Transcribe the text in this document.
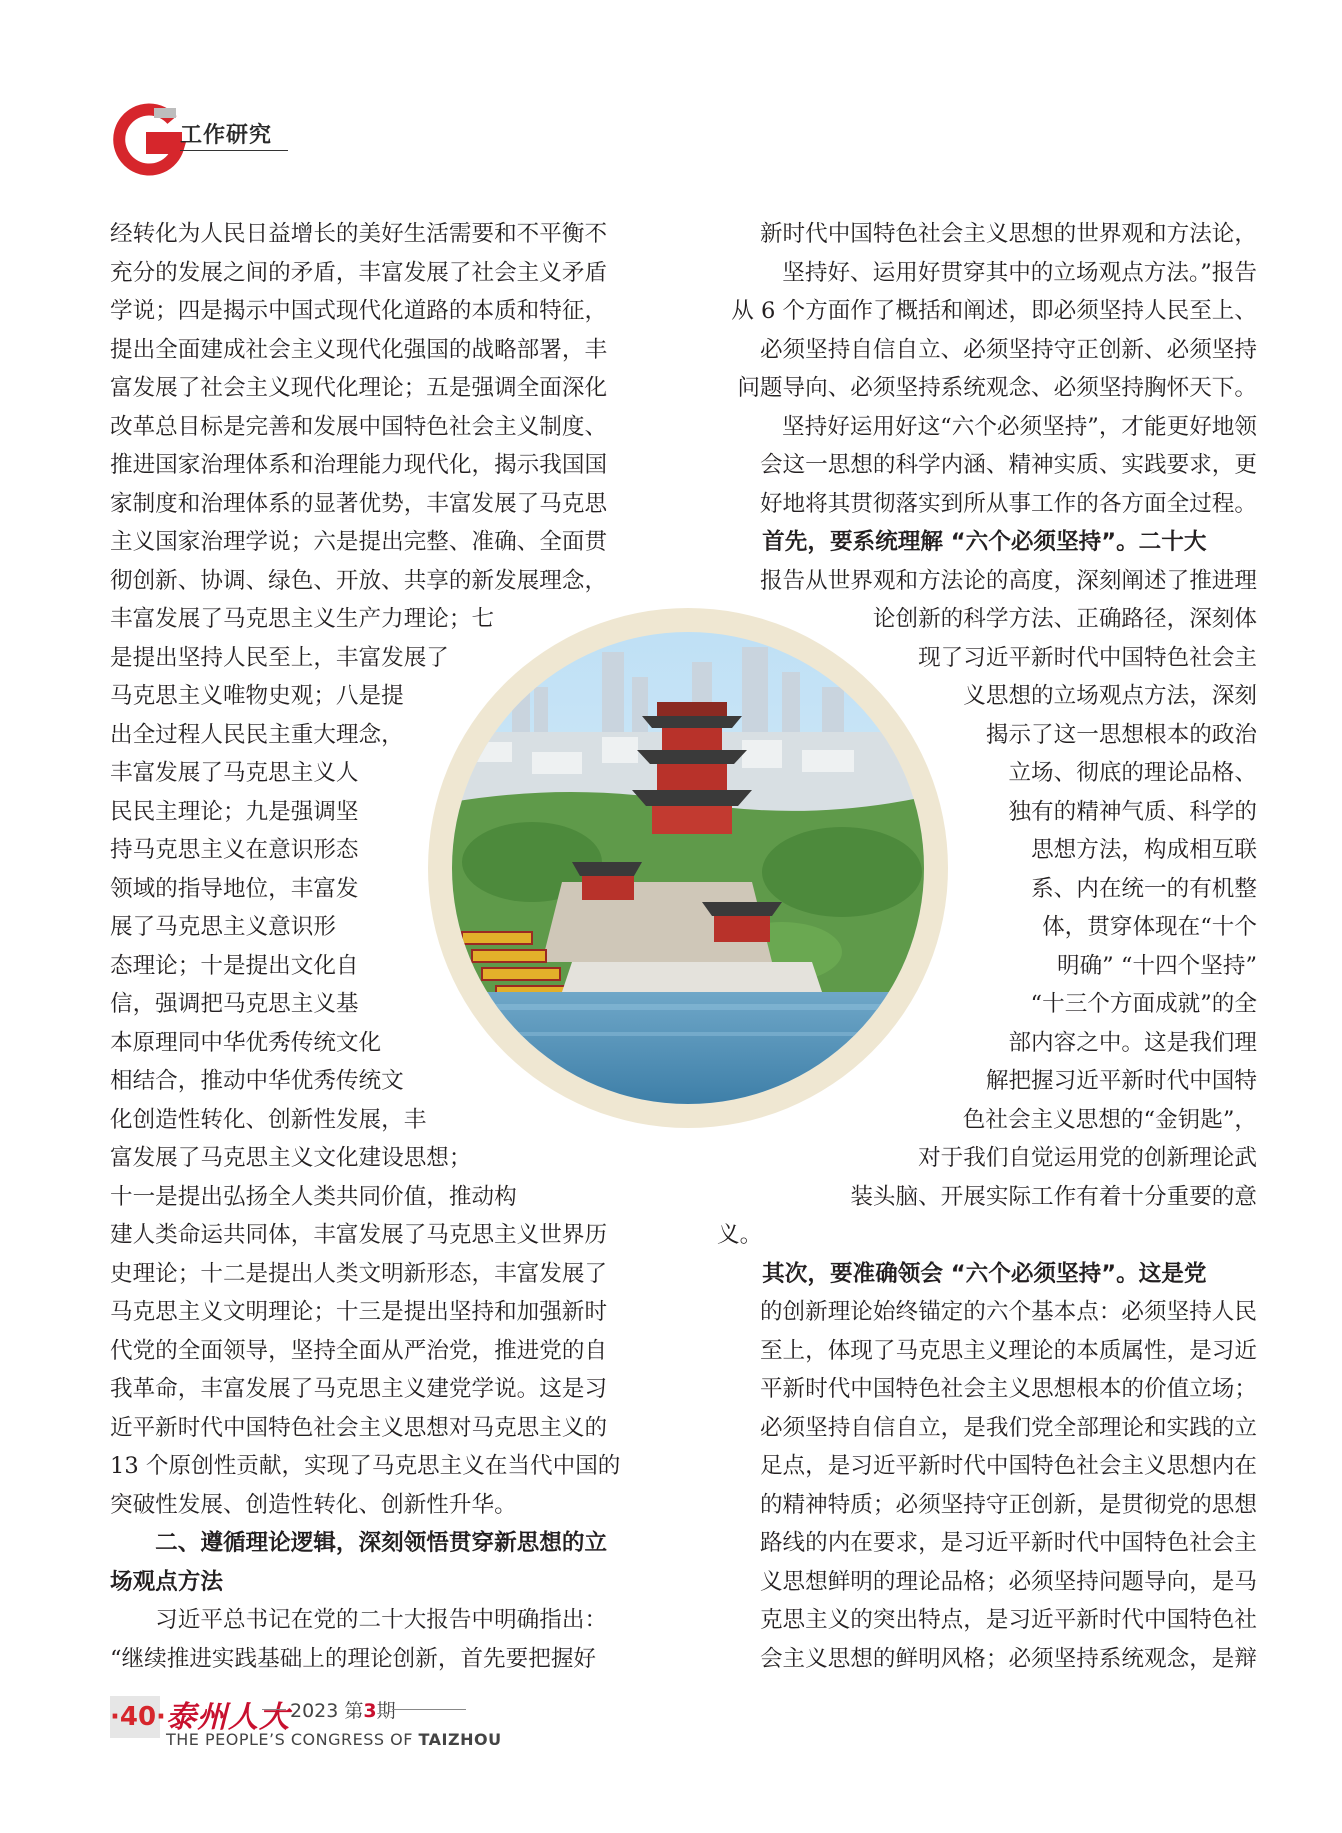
工作研究
经转化为人民日益增长的美好生活需要和不平衡不
充分的发展之间的矛盾，丰富发展了社会主义矛盾
学说；四是揭示中国式现代化道路的本质和特征，
提出全面建成社会主义现代化强国的战略部署，丰
富发展了社会主义现代化理论；五是强调全面深化
改革总目标是完善和发展中国特色社会主义制度、
推进国家治理体系和治理能力现代化，揭示我国国
家制度和治理体系的显著优势，丰富发展了马克思
主义国家治理学说；六是提出完整、准确、全面贯
彻创新、协调、绿色、开放、共享的新发展理念，
丰富发展了马克思主义生产力理论；七
是提出坚持人民至上，丰富发展了
马克思主义唯物史观；八是提
出全过程人民民主重大理念，
丰富发展了马克思主义人
民民主理论；九是强调坚
持马克思主义在意识形态
领域的指导地位，丰富发
展了马克思主义意识形
态理论；十是提出文化自
信，强调把马克思主义基
本原理同中华优秀传统文化
相结合，推动中华优秀传统文
化创造性转化、创新性发展，丰
富发展了马克思主义文化建设思想；
十一是提出弘扬全人类共同价值，推动构
建人类命运共同体，丰富发展了马克思主义世界历
史理论；十二是提出人类文明新形态，丰富发展了
马克思主义文明理论；十三是提出坚持和加强新时
代党的全面领导，坚持全面从严治党，推进党的自
我革命，丰富发展了马克思主义建党学说。这是习
近平新时代中国特色社会主义思想对马克思主义的
13 个原创性贡献，实现了马克思主义在当代中国的
突破性发展、创造性转化、创新性升华。
　　二、遵循理论逻辑，深刻领悟贯穿新思想的立
场观点方法
　　习近平总书记在党的二十大报告中明确指出：
“继续推进实践基础上的理论创新，首先要把握好
新时代中国特色社会主义思想的世界观和方法论，
坚持好、运用好贯穿其中的立场观点方法。”报告
从 6 个方面作了概括和阐述，即必须坚持人民至上、
必须坚持自信自立、必须坚持守正创新、必须坚持
问题导向、必须坚持系统观念、必须坚持胸怀天下。
坚持好运用好这“六个必须坚持”，才能更好地领
会这一思想的科学内涵、精神实质、实践要求，更
好地将其贯彻落实到所从事工作的各方面全过程。
　　首先，要系统理解 “六个必须坚持”。二十大
报告从世界观和方法论的高度，深刻阐述了推进理
论创新的科学方法、正确路径，深刻体
现了习近平新时代中国特色社会主
义思想的立场观点方法，深刻
揭示了这一思想根本的政治
立场、彻底的理论品格、
独有的精神气质、科学的
思想方法，构成相互联
系、内在统一的有机整
体，贯穿体现在“十个
明确” “十四个坚持”
“十三个方面成就”的全
部内容之中。这是我们理
解把握习近平新时代中国特
色社会主义思想的“金钥匙”，
对于我们自觉运用党的创新理论武
装头脑、开展实际工作有着十分重要的意
义。
　　其次，要准确领会 “六个必须坚持”。这是党
的创新理论始终锚定的六个基本点：必须坚持人民
至上，体现了马克思主义理论的本质属性，是习近
平新时代中国特色社会主义思想根本的价值立场；
必须坚持自信自立，是我们党全部理论和实践的立
足点，是习近平新时代中国特色社会主义思想内在
的精神特质；必须坚持守正创新，是贯彻党的思想
路线的内在要求，是习近平新时代中国特色社会主
义思想鲜明的理论品格；必须坚持问题导向，是马
克思主义的突出特点，是习近平新时代中国特色社
会主义思想的鲜明风格；必须坚持系统观念，是辩
·40· 泰州人大 2023 第3期
THE PEOPLE’S CONGRESS OF TAIZHOU
